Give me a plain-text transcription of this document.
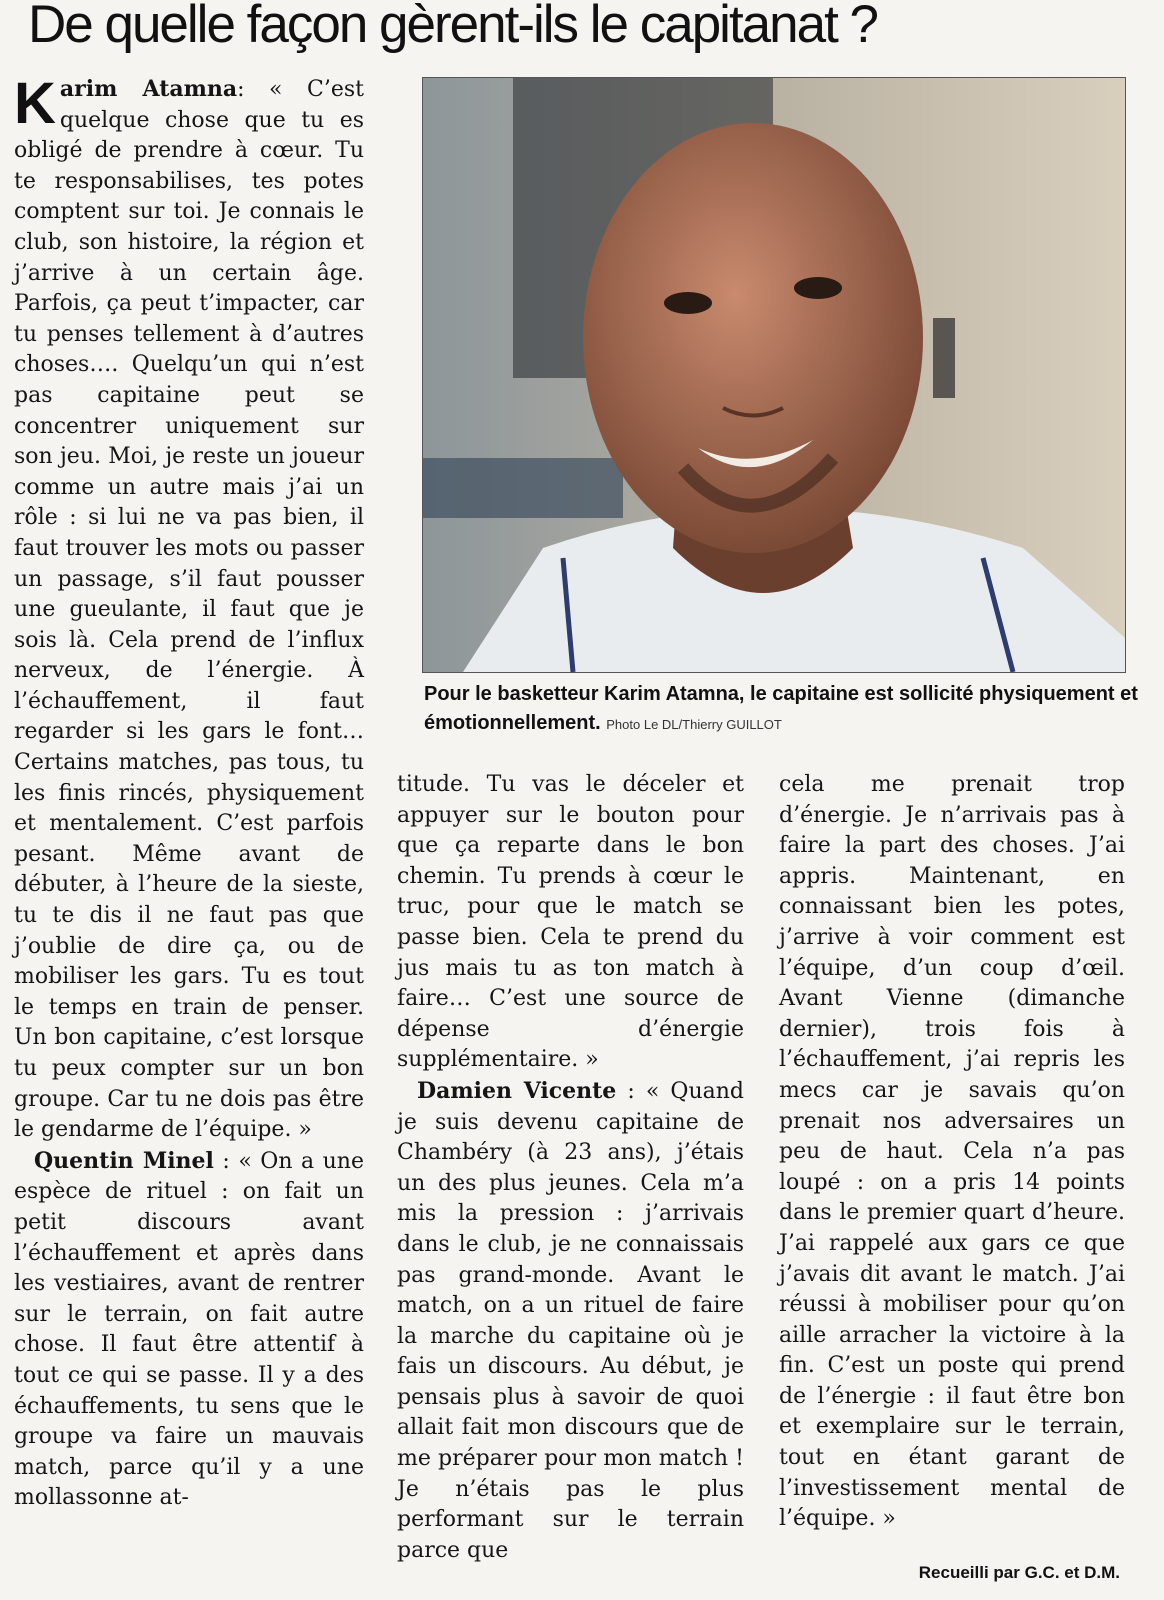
De quelle façon gèrent-ils le capitanat ?

Karim Atamna: « C’est quelque chose que tu es obligé de prendre à cœur. Tu te responsabilises, tes potes comptent sur toi. Je connais le club, son histoire, la région et j’arrive à un certain âge. Parfois, ça peut t’impacter, car tu penses tellement à d’autres choses…. Quelqu’un qui n’est pas capitaine peut se concentrer uniquement sur son jeu. Moi, je reste un joueur comme un autre mais j’ai un rôle : si lui ne va pas bien, il faut trouver les mots ou passer un passage, s’il faut pousser une gueulante, il faut que je sois là. Cela prend de l’influx nerveux, de l’énergie. À l’échauffement, il faut regarder si les gars le font… Certains matches, pas tous, tu les finis rincés, physiquement et mentalement. C’est parfois pesant. Même avant de débuter, à l’heure de la sieste, tu te dis il ne faut pas que j’oublie de dire ça, ou de mobiliser les gars. Tu es tout le temps en train de penser. Un bon capitaine, c’est lorsque tu peux compter sur un bon groupe. Car tu ne dois pas être le gendarme de l’équipe. »

Quentin Minel : « On a une espèce de rituel : on fait un petit discours avant l’échauffement et après dans les vestiaires, avant de rentrer sur le terrain, on fait autre chose. Il faut être attentif à tout ce qui se passe. Il y a des échauffements, tu sens que le groupe va faire un mauvais match, parce qu’il y a une mollassonne at-

Pour le basketteur Karim Atamna, le capitaine est sollicité physiquement et émotionnellement. Photo Le DL/Thierry GUILLOT

titude. Tu vas le déceler et appuyer sur le bouton pour que ça reparte dans le bon chemin. Tu prends à cœur le truc, pour que le match se passe bien. Cela te prend du jus mais tu as ton match à faire… C’est une source de dépense d’énergie supplémentaire. »

Damien Vicente : « Quand je suis devenu capitaine de Chambéry (à 23 ans), j’étais un des plus jeunes. Cela m’a mis la pression : j’arrivais dans le club, je ne connaissais pas grand-monde. Avant le match, on a un rituel de faire la marche du capitaine où je fais un discours. Au début, je pensais plus à savoir de quoi allait fait mon discours que de me préparer pour mon match ! Je n’étais pas le plus performant sur le terrain parce que

cela me prenait trop d’énergie. Je n’arrivais pas à faire la part des choses. J’ai appris. Maintenant, en connaissant bien les potes, j’arrive à voir comment est l’équipe, d’un coup d’œil. Avant Vienne (dimanche dernier), trois fois à l’échauffement, j’ai repris les mecs car je savais qu’on prenait nos adversaires un peu de haut. Cela n’a pas loupé : on a pris 14 points dans le premier quart d’heure. J’ai rappelé aux gars ce que j’avais dit avant le match. J’ai réussi à mobiliser pour qu’on aille arracher la victoire à la fin. C’est un poste qui prend de l’énergie : il faut être bon et exemplaire sur le terrain, tout en étant garant de l’investissement mental de l’équipe. »

Recueilli par G.C. et D.M.
